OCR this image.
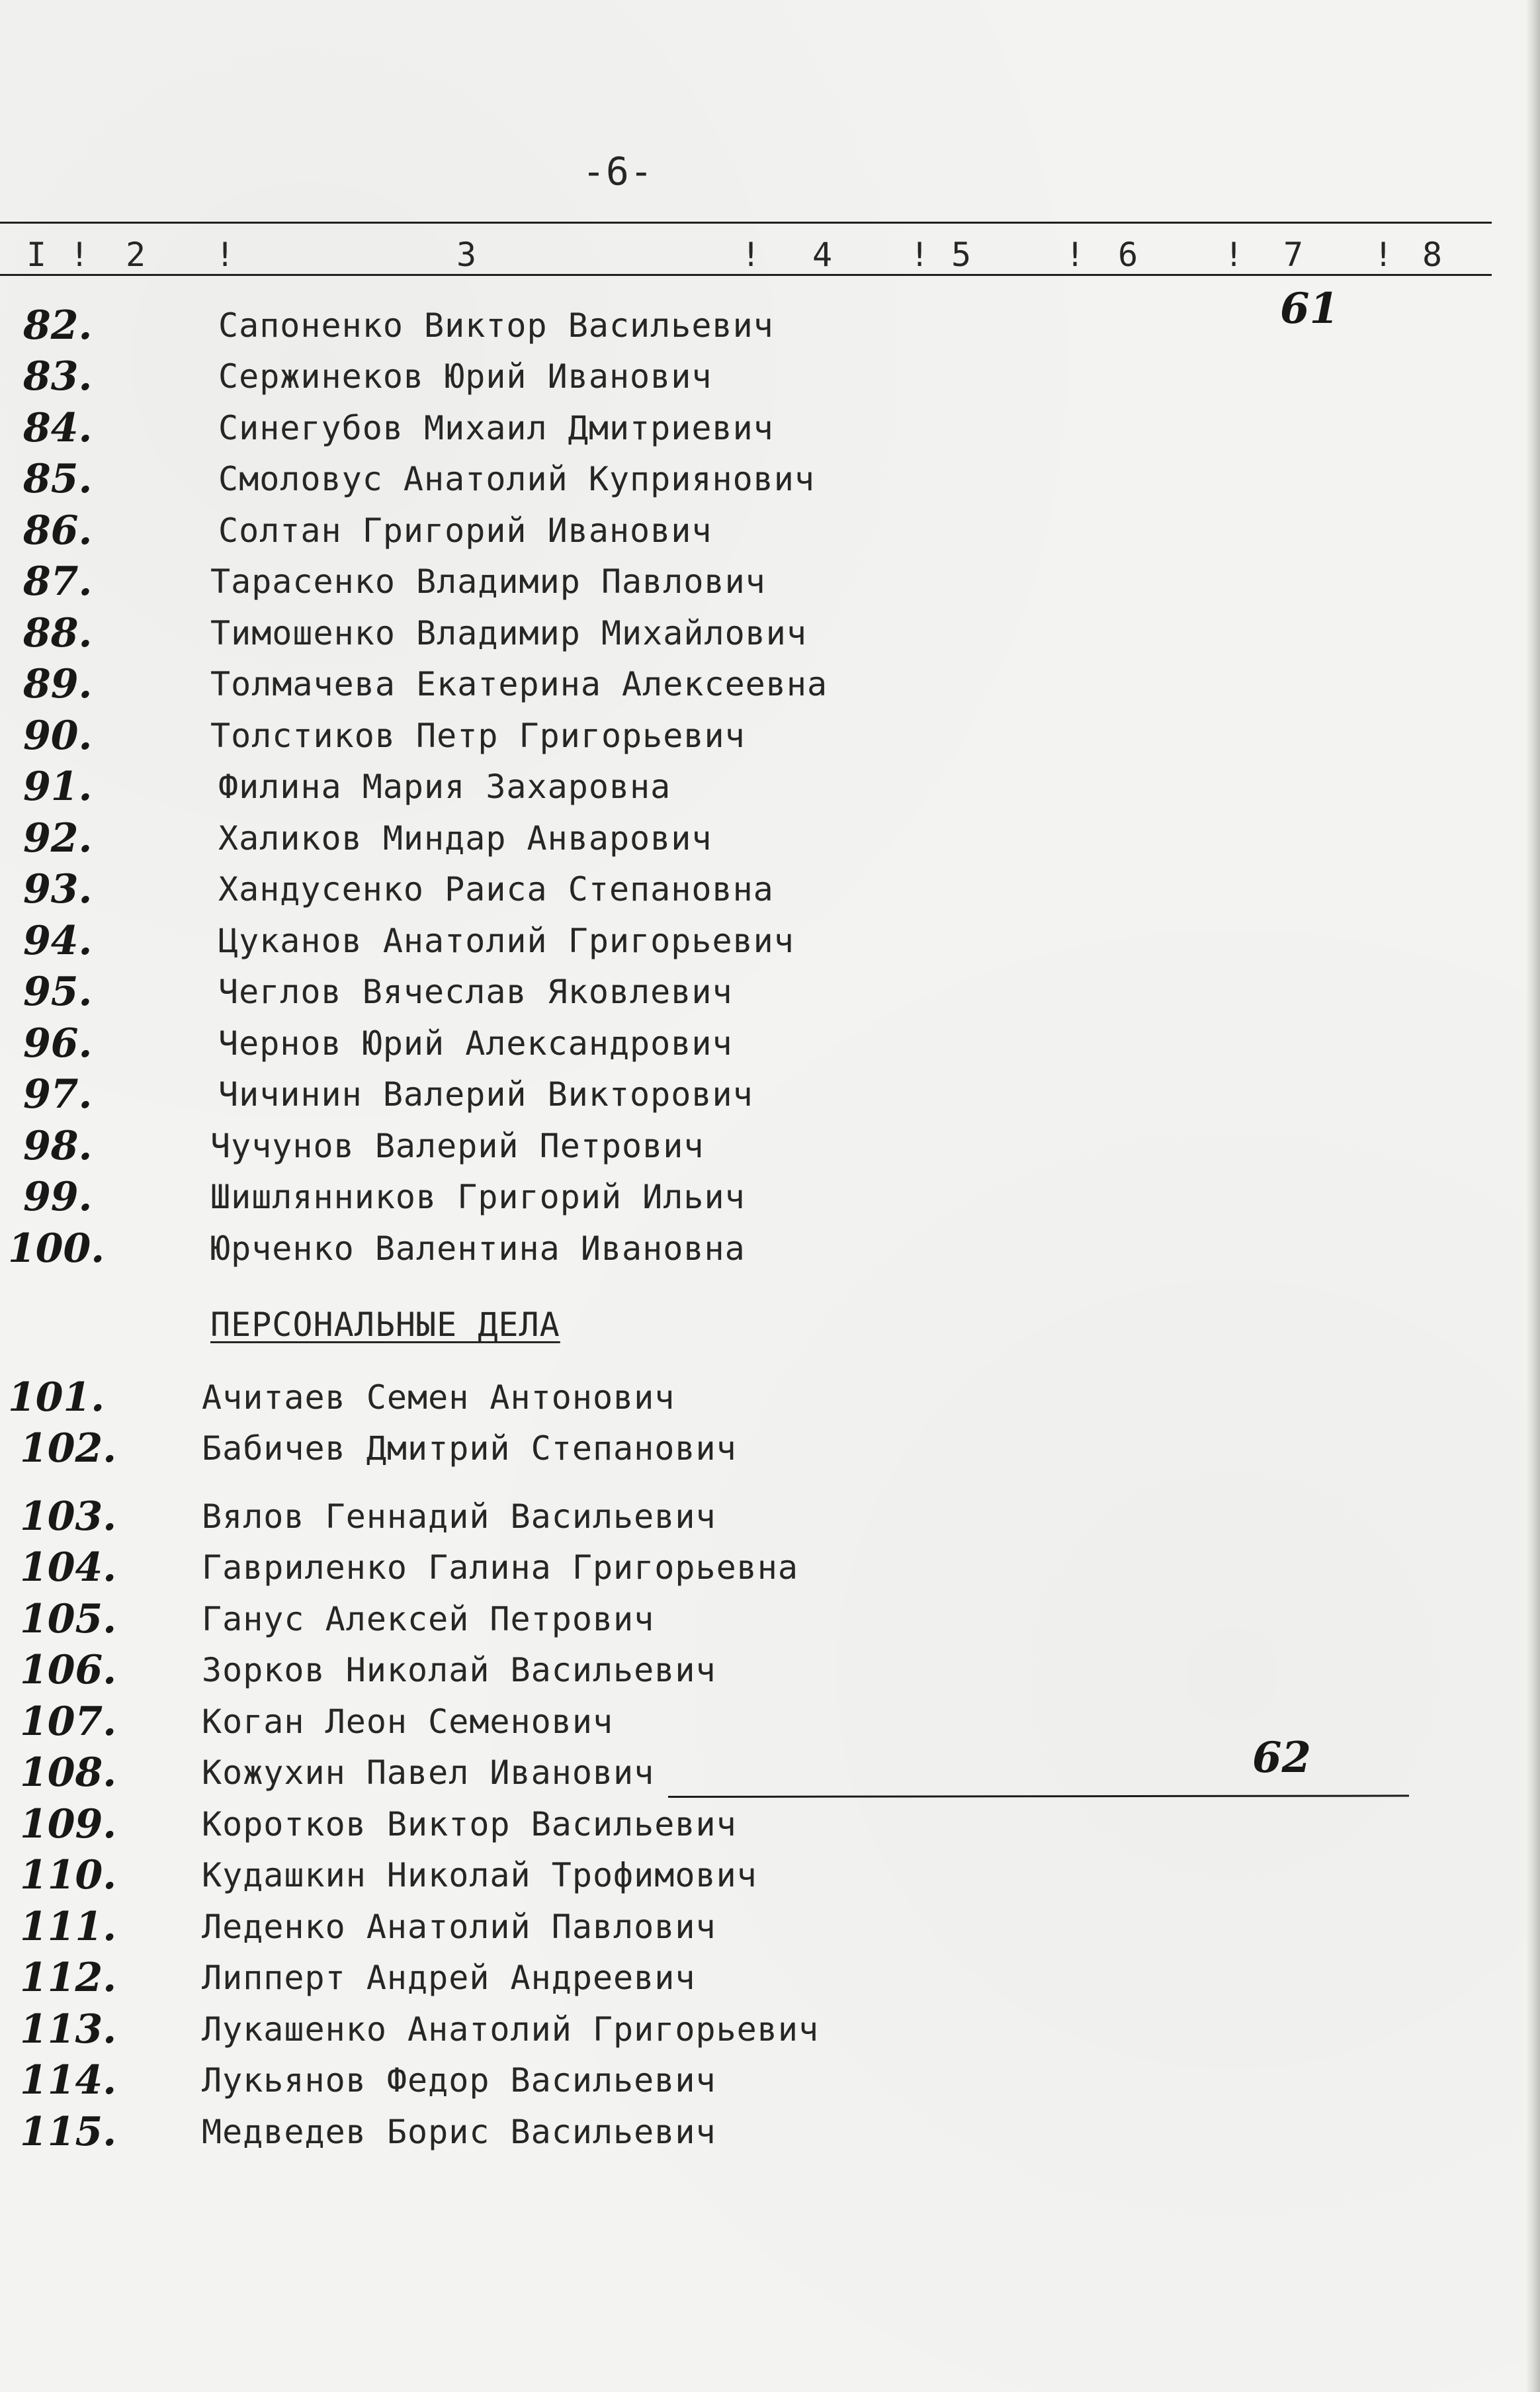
-6-
I ! 2 !	3	! 4 ! 5	! 6	! 7 ! 8
61
62
82.	Сапоненко Виктор Васильевич
83.	Сержинеков Юрий Иванович
84.	Синегубов Михаил Дмитриевич
85.	Смоловус Анатолий Куприянович
86.	Солтан Григорий Иванович
87.	Тарасенко Владимир Павлович
88.	Тимошенко Владимир Михайлович
89.	Толмачева Екатерина Алексеевна
90.	Толстиков Петр Григорьевич
91.	Филина Мария Захаровна
92.	Халиков Миндар Анварович
93.	Хандусенко Раиса Степановна
94.	Цуканов Анатолий Григорьевич
95.	Чеглов Вячеслав Яковлевич
96.	Чернов Юрий Александрович
97.	Чичинин Валерий Викторович
98.	Чучунов Валерий Петрович
99.	Шишлянников Григорий Ильич
100.	Юрченко Валентина Ивановна
ПЕРСОНАЛЬНЫЕ ДЕЛА
101.	Ачитаев Семен Антонович
102.	Бабичев Дмитрий Степанович
103.	Вялов Геннадий Васильевич
104.	Гавриленко Галина Григорьевна
105.	Ганус Алексей Петрович
106.	Зорков Николай Васильевич
107.	Коган Леон Семенович
108.	Кожухин Павел Иванович
109.	Коротков Виктор Васильевич
110.	Кудашкин Николай Трофимович
111.	Леденко Анатолий Павлович
112.	Липперт Андрей Андреевич
113.	Лукашенко Анатолий Григорьевич
114.	Лукьянов Федор Васильевич
115.	Медведев Борис Васильевич
